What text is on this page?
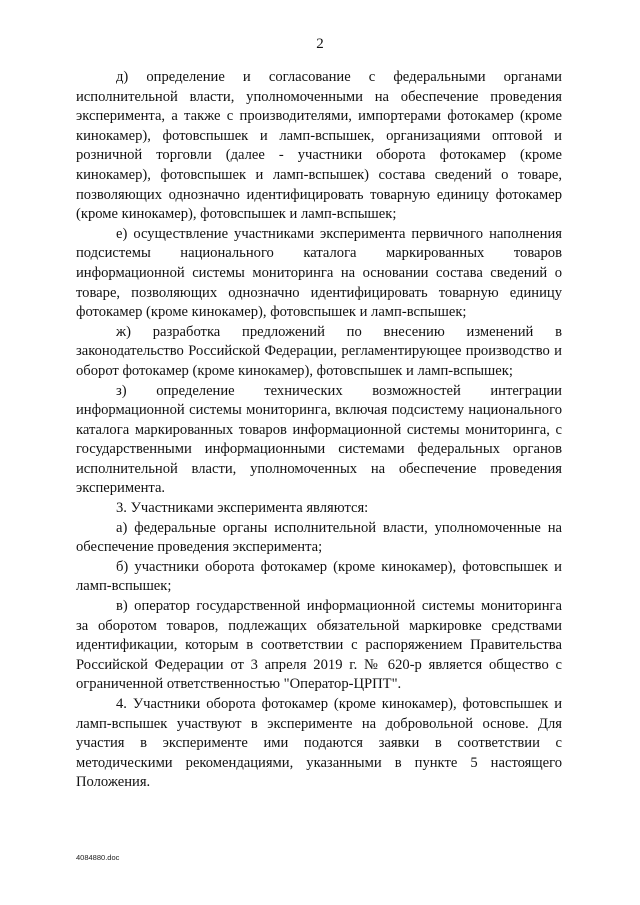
2

д) определение и согласование с федеральными органами исполнительной власти, уполномоченными на обеспечение проведения эксперимента, а также с производителями, импортерами фотокамер (кроме кинокамер), фотовспышек и ламп-вспышек, организациями оптовой и розничной торговли (далее - участники оборота фотокамер (кроме кинокамер), фотовспышек и ламп-вспышек) состава сведений о товаре, позволяющих однозначно идентифицировать товарную единицу фотокамер (кроме кинокамер), фотовспышек и ламп-вспышек;

е) осуществление участниками эксперимента первичного наполнения подсистемы национального каталога маркированных товаров информационной системы мониторинга на основании состава сведений о товаре, позволяющих однозначно идентифицировать товарную единицу фотокамер (кроме кинокамер), фотовспышек и ламп-вспышек;

ж) разработка предложений по внесению изменений в законодательство Российской Федерации, регламентирующее производство и оборот фотокамер (кроме кинокамер), фотовспышек и ламп-вспышек;

з) определение технических возможностей интеграции информационной системы мониторинга, включая подсистему национального каталога маркированных товаров информационной системы мониторинга, с государственными информационными системами федеральных органов исполнительной власти, уполномоченных на обеспечение проведения эксперимента.

3. Участниками эксперимента являются:

а) федеральные органы исполнительной власти, уполномоченные на обеспечение проведения эксперимента;

б) участники оборота фотокамер (кроме кинокамер), фотовспышек и ламп-вспышек;

в) оператор государственной информационной системы мониторинга за оборотом товаров, подлежащих обязательной маркировке средствами идентификации, которым в соответствии с распоряжением Правительства Российской Федерации от 3 апреля 2019 г. № 620-р является общество с ограниченной ответственностью "Оператор-ЦРПТ".

4. Участники оборота фотокамер (кроме кинокамер), фотовспышек и ламп-вспышек участвуют в эксперименте на добровольной основе. Для участия в эксперименте ими подаются заявки в соответствии с методическими рекомендациями, указанными в пункте 5 настоящего Положения.

4084880.doc
